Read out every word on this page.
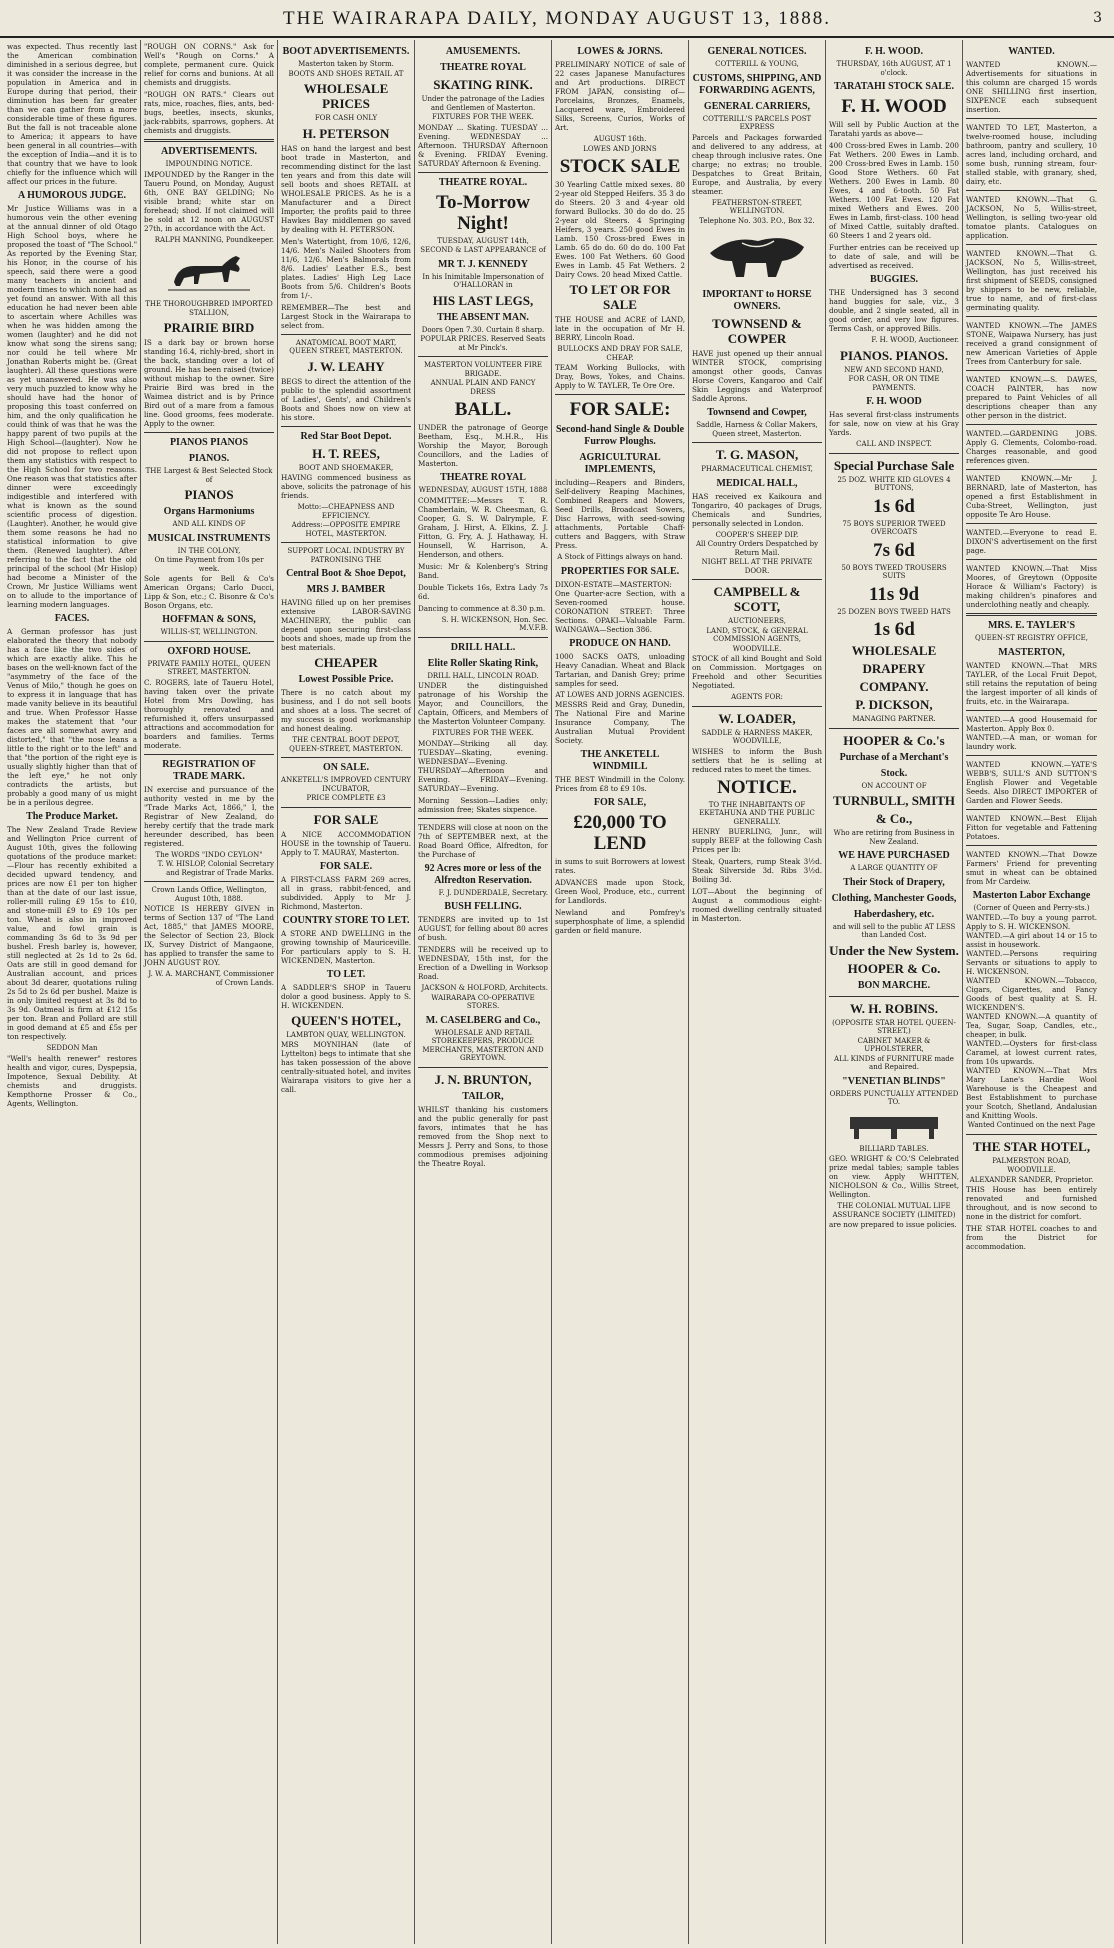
THE WAIRARAPA DAILY, MONDAY AUGUST 13, 1888.	3

was expected. Thus recently last the American combination diminished in a serious degree, but it was consider the increase in the population in America and in Europe during that period, their diminution has been far greater than we can gather from a more considerable time of these figures. But the fall is not traceable alone to America; it appears to have been general in all countries—with the exception of India—and it is to that country that we have to look chiefly for the influence which will affect our prices in the future.

A HUMOROUS JUDGE.

Mr Justice Williams was in a humorous vein the other evening at the annual dinner of old Otago High School boys, where he proposed the toast of "The School." As reported by the Evening Star, his Honor, in the course of his speech, said there were a good many teachers in ancient and modern times to which none had as yet found an answer. With all this education he had never been able to ascertain where Achilles was when he was hidden among the women (laughter) and he did not know what song the sirens sang; nor could he tell where Mr Jonathan Roberts might be. (Great laughter). All these questions were as yet unanswered. He was also very much puzzled to know why he should have had the honor of proposing this toast conferred on him, and the only qualification he could think of was that he was the happy parent of two pupils at the High School—(laughter). Now he did not propose to reflect upon them any statistics with respect to the High School for two reasons. One reason was that statistics after dinner were exceedingly indigestible and interfered with what is known as the sound scientific process of digestion. (Laughter). Another, he would give them some reasons he had no statistical information to give them. (Renewed laughter). After referring to the fact that the old principal of the school (Mr Hislop) had become a Minister of the Crown, Mr Justice Williams went on to allude to the importance of learning modern languages.

FACES.

A German professor has just elaborated the theory that nobody has a face like the two sides of which are exactly alike. This he bases on the well-known fact of the "asymmetry of the face of the Venus of Milo," though he goes on to express it in language that has made vanity believe in its beautiful and true. When Professor Hasse makes the statement that "our faces are all somewhat awry and distorted," that "the nose leans a little to the right or to the left" and that "the portion of the right eye is usually slightly higher than that of the left eye," he not only contradicts the artists, but probably a good many of us might be in a perilous degree.

The Produce Market.

The New Zealand Trade Review and Wellington Price current of August 10th, gives the following quotations of the produce market:—Flour has recently exhibited a decided upward tendency, and prices are now £1 per ton higher than at the date of our last issue, roller-mill ruling £9 15s to £10, and stone-mill £9 to £9 10s per ton. Wheat is also in improved value, and fowl grain is commanding 3s 6d to 3s 9d per bushel. Fresh barley is, however, still neglected at 2s 1d to 2s 6d. Oats are still in good demand for Australian account, and prices about 3d dearer, quotations ruling 2s 5d to 2s 6d per bushel. Maize is in only limited request at 3s 8d to 3s 9d. Oatmeal is firm at £12 15s per ton. Bran and Pollard are still in good demand at £5 and £5s per ton respectively.

SEDDON Man

"Well's health renewer" restores health and vigor, cures, Dyspepsia, Impotence, Sexual Debility. At chemists and druggists. Kempthorne Prosser & Co., Agents, Wellington.

"ROUGH ON CORNS." Ask for Well's "Rough on Corns." A complete, permanent cure. Quick relief for corns and bunions. At all chemists and druggists.

"ROUGH ON RATS." Clears out rats, mice, roaches, flies, ants, bed-bugs, beetles, insects, skunks, jack-rabbits, sparrows, gophers. At chemists and druggists.

ADVERTISEMENTS.
IMPOUNDING NOTICE.

IMPOUNDED by the Ranger in the Taueru Pound, on Monday, August 6th, ONE BAY GELDING; No visible brand; white star on forehead; shod. If not claimed will be sold at 12 noon on AUGUST 27th, in accordance with the Act.

RALPH MANNING, Poundkeeper.
THE THOROUGHBRED IMPORTED STALLION,
PRAIRIE BIRD

IS a dark bay or brown horse standing 16.4, richly-bred, short in the back, standing over a lot of ground. He has been raised (twice) without mishap to the owner. Sire Prairie Bird was bred in the Waimea district and is by Prince Bird out of a mare from a famous line. Good grooms, fees moderate. Apply to the owner.

PIANOS PIANOS
PIANOS.
THE Largest & Best Selected Stock of
PIANOS
Organs Harmoniums
AND ALL KINDS OF
MUSICAL INSTRUMENTS
IN THE COLONY,
On time Payment from 10s per week.

Sole agents for Bell & Co's American Organs; Carlo Ducci, Lipp & Son, etc.; C. Bisonre & Co's Boson Organs, etc.

HOFFMAN & SONS,
WILLIS-ST, WELLINGTON.
OXFORD HOUSE.
PRIVATE FAMILY HOTEL, QUEEN STREET, MASTERTON.

C. ROGERS, late of Taueru Hotel, having taken over the private Hotel from Mrs Dowling, has thoroughly renovated and refurnished it, offers unsurpassed attractions and accommodation for boarders and families. Terms moderate.

REGISTRATION OF TRADE MARK.

IN exercise and pursuance of the authority vested in me by the "Trade Marks Act, 1866," I, the Registrar of New Zealand, do hereby certify that the trade mark hereunder described, has been registered.

The WORDS "INDO CEYLON"
T. W. HISLOP, Colonial Secretary and Registrar of Trade Marks.
Crown Lands Office, Wellington, August 10th, 1888.

NOTICE IS HEREBY GIVEN in terms of Section 137 of "The Land Act, 1885," that JAMES MOORE, the Selector of Section 23, Block IX, Survey District of Mangaone, has applied to transfer the same to JOHN AUGUST ROY.

J. W. A. MARCHANT, Commissioner of Crown Lands.
BOOT ADVERTISEMENTS.
Masterton taken by Storm.
BOOTS AND SHOES RETAIL AT
WHOLESALE PRICES
FOR CASH ONLY
H. PETERSON

HAS on hand the largest and best boot trade in Masterton, and recommending distinct for the last ten years and from this date will sell boots and shoes RETAIL at WHOLESALE PRICES. As he is a Manufacturer and a Direct Importer, the profits paid to three Hawkes Bay middlemen go saved by dealing with H. PETERSON.

Men's Watertight, from 10/6, 12/6, 14/6. Men's Nailed Shooters from 11/6, 12/6. Men's Balmorals from 8/6. Ladies' Leather E.S., best plates. Ladies' High Leg Lace Boots from 5/6. Children's Boots from 1/-.

REMEMBER—The best and Largest Stock in the Wairarapa to select from.

ANATOMICAL BOOT MART, QUEEN STREET, MASTERTON.
J. W. LEAHY

BEGS to direct the attention of the public to the splendid assortment of Ladies', Gents', and Children's Boots and Shoes now on view at his store.

Red Star Boot Depot.
H. T. REES,
BOOT AND SHOEMAKER,

HAVING commenced business as above, solicits the patronage of his friends.

Motto:—CHEAPNESS AND EFFICIENCY.
Address:—OPPOSITE EMPIRE HOTEL, MASTERTON.
SUPPORT LOCAL INDUSTRY BY PATRONISING THE
Central Boot & Shoe Depot,
MRS J. BAMBER

HAVING filled up on her premises extensive LABOR-SAVING MACHINERY, the public can depend upon securing first-class boots and shoes, made up from the best materials.

CHEAPER
Lowest Possible Price.

There is no catch about my business, and I do not sell boots and shoes at a loss. The secret of my success is good workmanship and honest dealing.

THE CENTRAL BOOT DEPOT, QUEEN-STREET, MASTERTON.
ON SALE.
ANKETELL'S IMPROVED CENTURY INCUBATOR,
PRICE COMPLETE £3
FOR SALE

A NICE ACCOMMODATION HOUSE in the township of Taueru. Apply to T. MAURAY, Masterton.

FOR SALE.

A FIRST-CLASS FARM 269 acres, all in grass, rabbit-fenced, and subdivided. Apply to Mr J. Richmond, Masterton.

COUNTRY STORE TO LET.

A STORE AND DWELLING in the growing township of Mauriceville. For particulars apply to S. H. WICKENDEN, Masterton.

TO LET.

A SADDLER'S SHOP in Taueru dolor a good business. Apply to S. H. WICKENDEN.

QUEEN'S HOTEL,
LAMBTON QUAY, WELLINGTON.

MRS MOYNIHAN (late of Lyttelton) begs to intimate that she has taken possession of the above centrally-situated hotel, and invites Wairarapa visitors to give her a call.

AMUSEMENTS.
THEATRE ROYAL
SKATING RINK.
Under the patronage of the Ladies and Gentlemen of Masterton.
FIXTURES FOR THE WEEK.

MONDAY ... Skating. TUESDAY ... Evening. WEDNESDAY ... Afternoon. THURSDAY Afternoon & Evening. FRIDAY Evening. SATURDAY Afternoon & Evening.

THEATRE ROYAL.
To-Morrow Night!
TUESDAY, AUGUST 14th,
SECOND & LAST APPEARANCE of
MR T. J. KENNEDY
In his Inimitable Impersonation of O'HALLORAN in
HIS LAST LEGS,
THE ABSENT MAN.
Doors Open 7.30. Curtain 8 sharp.
POPULAR PRICES. Reserved Seats at Mr Pinck's.
MASTERTON VOLUNTEER FIRE BRIGADE.
ANNUAL PLAIN AND FANCY DRESS
BALL.

UNDER the patronage of George Beetham, Esq., M.H.R., His Worship the Mayor, Borough Councillors, and the Ladies of Masterton.

THEATRE ROYAL
WEDNESDAY, AUGUST 15TH, 1888

COMMITTEE:—Messrs T. R. Chamberlain, W. R. Cheesman, G. Cooper, G. S. W. Dalrymple, F. Graham, J. Hirst, A. Elkins, Z. J. Fitton, G. Fry, A. J. Hathaway, H. Hounsell, W. Harrison, A. Henderson, and others.

Music: Mr & Kolenberg's String Band.

Double Tickets 16s, Extra Lady 7s 6d.

Dancing to commence at 8.30 p.m.

S. H. WICKENSON, Hon. Sec. M.V.F.B.
DRILL HALL.
Elite Roller Skating Rink,
DRILL HALL, LINCOLN ROAD.

UNDER the distinguished patronage of his Worship the Mayor, and Councillors, the Captain, Officers, and Members of the Masterton Volunteer Company.

FIXTURES FOR THE WEEK.

MONDAY—Striking all day. TUESDAY—Skating, evening. WEDNESDAY—Evening. THURSDAY—Afternoon and Evening. FRIDAY—Evening. SATURDAY—Evening.

Morning Session—Ladies only; admission free; Skates sixpence.

TENDERS will close at noon on the 7th of SEPTEMBER next, at the Road Board Office, Alfredton, for the Purchase of

92 Acres more or less of the Alfredton Reservation.
F. J. DUNDERDALE, Secretary.
BUSH FELLING.

TENDERS are invited up to 1st AUGUST, for felling about 80 acres of bush.

TENDERS will be received up to WEDNESDAY, 15th inst, for the Erection of a Dwelling in Worksop Road.

JACKSON & HOLFORD, Architects.
WAIRARAPA CO-OPERATIVE STORES.
M. CASELBERG and Co.,
WHOLESALE AND RETAIL STOREKEEPERS, PRODUCE MERCHANTS, MASTERTON AND GREYTOWN.
J. N. BRUNTON,
TAILOR,

WHILST thanking his customers and the public generally for past favors, intimates that he has removed from the Shop next to Messrs J. Perry and Sons, to those commodious premises adjoining the Theatre Royal.

LOWES & JORNS.

PRELIMINARY NOTICE of sale of 22 cases Japanese Manufactures and Art productions. DIRECT FROM JAPAN, consisting of—Porcelains, Bronzes, Enamels, Lacquered ware, Embroidered Silks, Screens, Curios, Works of Art.

AUGUST 16th.
LOWES AND JORNS
STOCK SALE

30 Yearling Cattle mixed sexes. 80 2-year old Stepped Heifers. 35 3 do do Steers. 20 3 and 4-year old forward Bullocks. 30 do do do. 25 2-year old Steers. 4 Springing Heifers, 3 years. 250 good Ewes in Lamb. 150 Cross-bred Ewes in Lamb. 65 do do. 60 do do. 100 Fat Ewes. 100 Fat Wethers. 60 Good Ewes in Lamb. 45 Fat Wethers. 2 Dairy Cows. 20 head Mixed Cattle.

TO LET OR FOR SALE

THE HOUSE and ACRE of LAND, late in the occupation of Mr H. BERRY, Lincoln Road.

BULLOCKS AND DRAY FOR SALE, CHEAP.

TEAM Working Bullocks, with Dray, Bows, Yokes, and Chains. Apply to W. TAYLER, Te Ore Ore.

FOR SALE:
Second-hand Single & Double Furrow Ploughs.
AGRICULTURAL IMPLEMENTS,

including—Reapers and Binders, Self-delivery Reaping Machines, Combined Reapers and Mowers, Seed Drills, Broadcast Sowers, Disc Harrows, with seed-sowing attachments, Portable Chaff-cutters and Baggers, with Straw Press.

A Stock of Fittings always on hand.
PROPERTIES FOR SALE.

DIXON-ESTATE—MASTERTON: One Quarter-acre Section, with a Seven-roomed house. CORONATION STREET: Three Sections. OPAKI—Valuable Farm. WAINGAWA—Section 386.

PRODUCE ON HAND.

1000 SACKS OATS, unloading Heavy Canadian. Wheat and Black Tartarian, and Danish Grey; prime samples for seed.

AT LOWES AND JORNS AGENCIES.

MESSRS Reid and Gray, Dunedin, The National Fire and Marine Insurance Company, The Australian Mutual Provident Society.

THE ANKETELL WINDMILL

THE BEST Windmill in the Colony. Prices from £8 to £9 10s.

FOR SALE,
£20,000 TO LEND

in sums to suit Borrowers at lowest rates.

ADVANCES made upon Stock, Green Wool, Produce, etc., current for Landlords.

Newland and Pomfrey's superphosphate of lime, a splendid garden or field manure.

GENERAL NOTICES.
COTTERILL & YOUNG,
CUSTOMS, SHIPPING, AND FORWARDING AGENTS,
GENERAL CARRIERS,
COTTERILL'S PARCELS POST EXPRESS

Parcels and Packages forwarded and delivered to any address, at cheap through inclusive rates. One charge; no extras; no trouble. Despatches to Great Britain, Europe, and Australia, by every steamer.

FEATHERSTON-STREET, WELLINGTON.
Telephone No. 303. P.O., Box 32.
IMPORTANT to HORSE OWNERS.
TOWNSEND & COWPER

HAVE just opened up their annual WINTER STOCK, comprising amongst other goods, Canvas Horse Covers, Kangaroo and Calf Skin Leggings and Waterproof Saddle Aprons.

Townsend and Cowper,
Saddle, Harness & Collar Makers, Queen street, Masterton.
T. G. MASON,
PHARMACEUTICAL CHEMIST,
MEDICAL HALL,

HAS received ex Kaikoura and Tongariro, 40 packages of Drugs, Chemicals and Sundries, personally selected in London.

COOPER'S SHEEP DIP.
All Country Orders Despatched by Return Mail.
NIGHT BELL AT THE PRIVATE DOOR.
CAMPBELL & SCOTT,
AUCTIONEERS,
LAND, STOCK, & GENERAL COMMISSION AGENTS,
WOODVILLE.

STOCK of all kind Bought and Sold on Commission. Mortgages on Freehold and other Securities Negotiated.

AGENTS FOR:
W. LOADER,
SADDLE & HARNESS MAKER, WOODVILLE,

WISHES to inform the Bush settlers that he is selling at reduced rates to meet the times.

NOTICE.
TO THE INHABITANTS OF EKETAHUNA AND THE PUBLIC GENERALLY.

HENRY BUERLING, Junr., will supply BEEF at the following Cash Prices per lb:

Steak, Quarters, rump Steak 3½d. Steak Silverside 3d. Ribs 3½d. Boiling 3d.

LOT—About the beginning of August a commodious eight-roomed dwelling centrally situated in Masterton.

F. H. WOOD.
THURSDAY, 16th AUGUST, AT 1 o'clock.
TARATAHI STOCK SALE.
F. H. WOOD

Will sell by Public Auction at the Taratahi yards as above—

400 Cross-bred Ewes in Lamb. 200 Fat Wethers. 200 Ewes in Lamb. 200 Cross-bred Ewes in Lamb. 150 Good Store Wethers. 60 Fat Wethers. 200 Ewes in Lamb. 80 Ewes, 4 and 6-tooth. 50 Fat Wethers. 100 Fat Ewes. 120 Fat mixed Wethers and Ewes. 200 Ewes in Lamb, first-class. 100 head of Mixed Cattle, suitably drafted. 60 Steers 1 and 2 years old.

Further entries can be received up to date of sale, and will be advertised as received.

BUGGIES.

THE Undersigned has 3 second hand buggies for sale, viz., 3 double, and 2 single seated, all in good order, and very low figures. Terms Cash, or approved Bills.

F. H. WOOD, Auctioneer.
PIANOS. PIANOS.
NEW AND SECOND HAND,
FOR CASH, OR ON TIME PAYMENTS.
F. H. WOOD

Has several first-class instruments for sale, now on view at his Gray Yards.

CALL AND INSPECT.
Special Purchase Sale
25 DOZ. WHITE KID GLOVES 4 BUTTONS,
1s 6d
75 BOYS SUPERIOR TWEED OVERCOATS
7s 6d
50 BOYS TWEED TROUSERS SUITS
11s 9d
25 DOZEN BOYS TWEED HATS
1s 6d
WHOLESALE
DRAPERY
COMPANY.
P. DICKSON,
MANAGING PARTNER.
HOOPER & Co.'s
Purchase of a Merchant's
Stock.
ON ACCOUNT OF
TURNBULL, SMITH
& Co.,
Who are retiring from Business in New Zealand.
WE HAVE PURCHASED
A LARGE QUANTITY OF
Their Stock of Drapery,
Clothing, Manchester Goods,
Haberdashery, etc.
and will sell to the public AT LESS than Landed Cost.
Under the New System.
HOOPER & Co.
BON MARCHE.
W. H. ROBINS.
(OPPOSITE STAR HOTEL QUEEN-STREET,)
CABINET MAKER & UPHOLSTERER,
ALL KINDS of FURNITURE made and Repaired.
"VENETIAN BLINDS"
ORDERS PUNCTUALLY ATTENDED TO.
BILLIARD TABLES.

GEO. WRIGHT & CO.'S Celebrated prize medal tables; sample tables on view. Apply WHITTEN, NICHOLSON & Co., Willis Street, Wellington.

THE COLONIAL MUTUAL LIFE ASSURANCE SOCIETY (LIMITED)

are now prepared to issue policies.

WANTED.

WANTED KNOWN.—Advertisements for situations in this column are charged 15 words ONE SHILLING first insertion, SIXPENCE each subsequent insertion.

WANTED TO LET, Masterton, a twelve-roomed house, including bathroom, pantry and scullery, 10 acres land, including orchard, and some bush, running stream, four-stalled stable, with granary, shed, dairy, etc.

WANTED KNOWN.—That G. JACKSON, No 5, Willis-street, Wellington, is selling two-year old tomatoe plants. Catalogues on application.

WANTED KNOWN.—That G. JACKSON, No 5, Willis-street, Wellington, has just received his first shipment of SEEDS, consigned by shippers to be new, reliable, true to name, and of first-class germinating quality.

WANTED KNOWN.—The JAMES STONE, Waipawa Nursery, has just received a grand consignment of new American Varieties of Apple Trees from Canterbury for sale.

WANTED KNOWN.—S. DAWES, COACH PAINTER, has now prepared to Paint Vehicles of all descriptions cheaper than any other person in the district.

WANTED.—GARDENING JOBS. Apply G. Clements, Colombo-road. Charges reasonable, and good references given.

WANTED KNOWN.—Mr J. BERNARD, late of Masterton, has opened a first Establishment in Cuba-Street, Wellington, just opposite Te Aro House.

WANTED.—Everyone to read E. DIXON'S advertisement on the first page.

WANTED KNOWN.—That Miss Moores, of Greytown (Opposite Horace & William's Factory) is making children's pinafores and underclothing neatly and cheaply.

MRS. E. TAYLER'S
QUEEN-ST REGISTRY OFFICE,
MASTERTON,

WANTED KNOWN.—That MRS TAYLER, of the Local Fruit Depot, still retains the reputation of being the largest importer of all kinds of fruits, etc. in the Wairarapa.

WANTED.—A good Housemaid for Masterton. Apply Box 0.

WANTED.—A man, or woman for laundry work.

WANTED KNOWN.—YATE'S WEBB'S, SULL'S AND SUTTON'S English Flower and Vegetable Seeds. Also DIRECT IMPORTER of Garden and Flower Seeds.

WANTED KNOWN.—Best Elijah Fitton for vegetable and Fattening Potatoes.

WANTED KNOWN.—That Dowze Farmers' Friend for preventing smut in wheat can be obtained from Mr Cardeiw.

Masterton Labor Exchange
(Corner of Queen and Perry-sts.)

WANTED.—To buy a young parrot. Apply to S. H. WICKENSON.

WANTED.—A girl about 14 or 15 to assist in housework.

WANTED.—Persons requiring Servants or situations to apply to H. WICKENSON.

WANTED KNOWN.—Tobacco, Cigars, Cigarettes, and Fancy Goods of best quality at S. H. WICKENDEN'S.

WANTED KNOWN.—A quantity of Tea, Sugar, Soap, Candles, etc., cheaper, in bulk.

WANTED.—Oysters for first-class Caramel, at lowest current rates, from 10s upwards.

WANTED KNOWN.—That Mrs Mary Lane's Hardie Wool Warehouse is the Cheapest and Best Establishment to purchase your Scotch, Shetland, Andalusian and Knitting Wools.

Wanted Continued on the next Page
THE STAR HOTEL,
PALMERSTON ROAD,
WOODVILLE.
ALEXANDER SANDER, Proprietor.

THIS House has been entirely renovated and furnished throughout, and is now second to none in the district for comfort.

THE STAR HOTEL coaches to and from the District for accommodation.
